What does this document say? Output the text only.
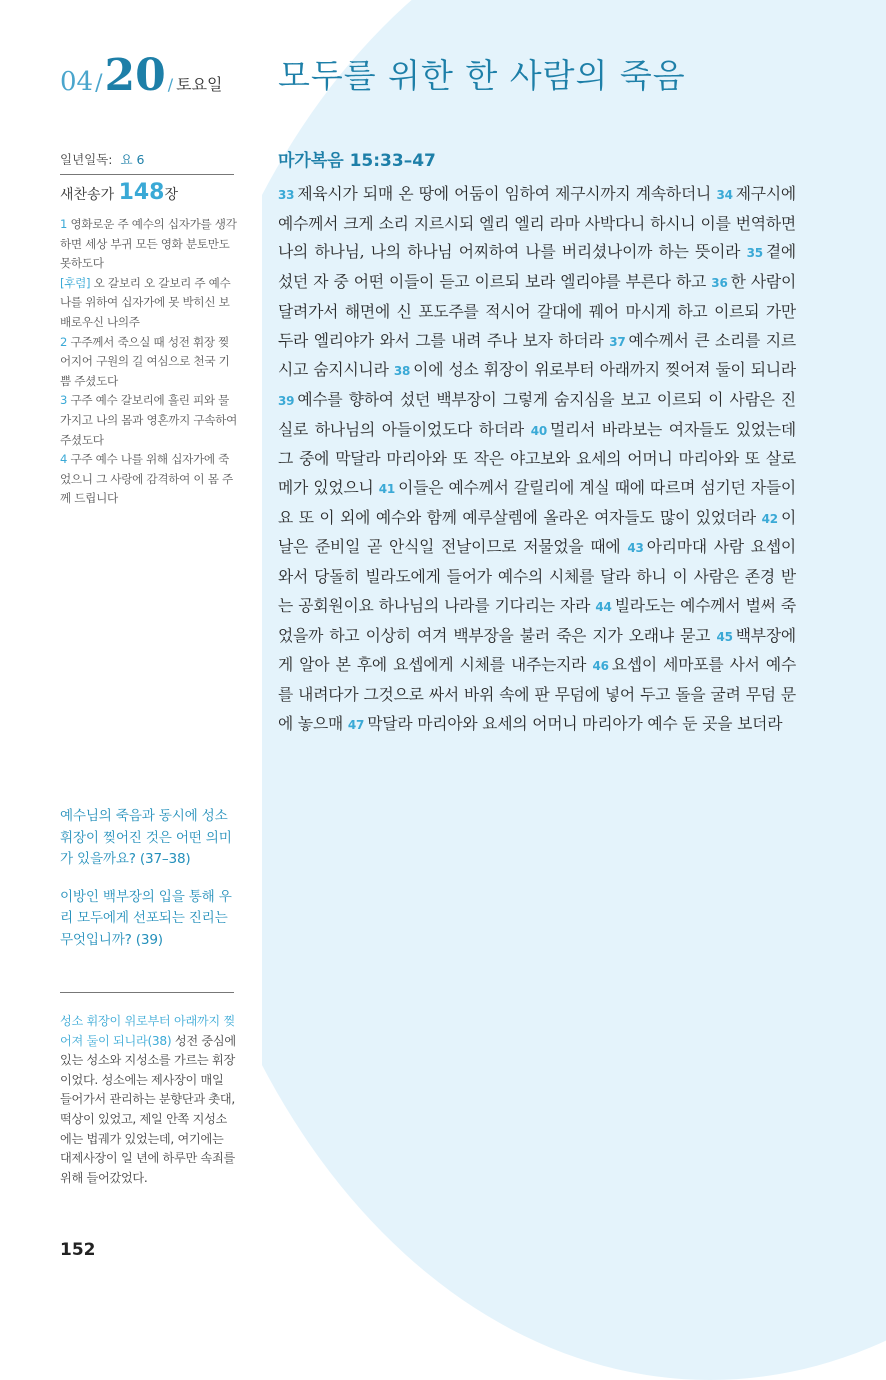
04 / 20 / 토요일 모두를 위한 한 사람의 죽음
일년일독: 요 6
새찬송가 148장

1 영화로운 주 예수의 십자가를 생각하면 세상 부귀 모든 영화 분토만도 못하도다

[후렴] 오 갈보리 오 갈보리 주 예수 나를 위하여 십자가에 못 박히신 보배로우신 나의주

2 구주께서 죽으실 때 성전 휘장 찢어지어 구원의 길 여심으로 천국 기쁨 주셨도다

3 구주 예수 갈보리에 흘린 피와 물 가지고 나의 몸과 영혼까지 구속하여 주셨도다

4 구주 예수 나를 위해 십자가에 죽었으니 그 사랑에 감격하여 이 몸 주께 드립니다

예수님의 죽음과 동시에 성소 휘장이 찢어진 것은 어떤 의미가 있을까요? (37–38)

이방인 백부장의 입을 통해 우리 모두에게 선포되는 진리는 무엇입니까? (39)

성소 휘장이 위로부터 아래까지 찢어져 둘이 되니라(38) 성전 중심에 있는 성소와 지성소를 가르는 휘장이었다. 성소에는 제사장이 매일 들어가서 관리하는 분향단과 촛대, 떡상이 있었고, 제일 안쪽 지성소에는 법궤가 있었는데, 여기에는 대제사장이 일 년에 하루만 속죄를 위해 들어갔었다.
152
마가복음 15:33–47
33 제육시가 되매 온 땅에 어둠이 임하여 제구시까지 계속하더니 34 제구시에 예수께서 크게 소리 지르시되 엘리 엘리 라마 사박다니 하시니 이를 번역하면 나의 하나님, 나의 하나님 어찌하여 나를 버리셨나이까 하는 뜻이라 35 곁에 섰던 자 중 어떤 이들이 듣고 이르되 보라 엘리야를 부른다 하고 36 한 사람이 달려가서 해면에 신 포도주를 적시어 갈대에 꿰어 마시게 하고 이르되 가만 두라 엘리야가 와서 그를 내려 주나 보자 하더라 37 예수께서 큰 소리를 지르시고 숨지시니라 38 이에 성소 휘장이 위로부터 아래까지 찢어져 둘이 되니라 39 예수를 향하여 섰던 백부장이 그렇게 숨지심을 보고 이르되 이 사람은 진실로 하나님의 아들이었도다 하더라 40 멀리서 바라보는 여자들도 있었는데 그 중에 막달라 마리아와 또 작은 야고보와 요세의 어머니 마리아와 또 살로메가 있었으니 41 이들은 예수께서 갈릴리에 계실 때에 따르며 섬기던 자들이요 또 이 외에 예수와 함께 예루살렘에 올라온 여자들도 많이 있었더라 42 이 날은 준비일 곧 안식일 전날이므로 저물었을 때에 43 아리마대 사람 요셉이 와서 당돌히 빌라도에게 들어가 예수의 시체를 달라 하니 이 사람은 존경 받는 공회원이요 하나님의 나라를 기다리는 자라 44 빌라도는 예수께서 벌써 죽었을까 하고 이상히 여겨 백부장을 불러 죽은 지가 오래냐 묻고 45 백부장에게 알아 본 후에 요셉에게 시체를 내주는지라 46 요셉이 세마포를 사서 예수를 내려다가 그것으로 싸서 바위 속에 판 무덤에 넣어 두고 돌을 굴려 무덤 문에 놓으매 47 막달라 마리아와 요세의 어머니 마리아가 예수 둔 곳을 보더라
